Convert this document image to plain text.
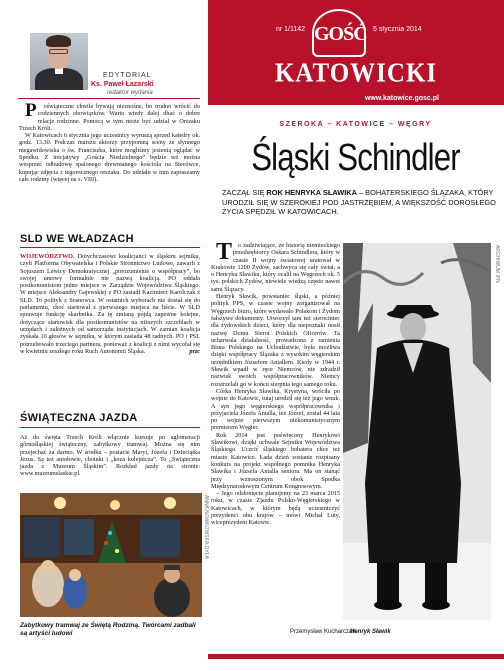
nr 1/1142 GOŚĆ 5 stycznia 2014
KATOWICKI
www.katowice.gosc.pl
EDYTORIAL
Ks. Paweł Łazarski
redaktor wydania

P oświąteczne chwile bywają nieznośne, bo trudno wrócić do codziennych obowiązków. Warto wtedy dalej dbać o dobre relacje rodzinne. Pomocą w tym może być udział w Orszaku Trzech Króli.

W Katowicach 6 stycznia jego uczestnicy wyruszą sprzed katedry ok. godz. 13.30. Podczas marszu aktorzy przypomną sceny ze słynnego megawidowiska o św. Franciszku, które mogliśmy jesienią oglądać w Spodku. Z inicjatywy „Gościa Niedzielnego” będzie też można wesprzeć odbudowę spalonego drewnianego kościoła na Stecówce, kupując zdjęcia z tegorocznego orszaku. Do udziału w nim zapraszamy całe rodziny (więcej na s. VIII).

SLD WE WŁADZACH
WOJEWÓDZTWO. Dotychczasowi koalicjanci w śląskim sejmiku, czyli Platforma Obywatelska i Polskie Stronnictwo Ludowe, zawarli z Sojuszem Lewicy Demokratycznej „porozumienie o współpracy”, bo swojej umowy formalnie nie nazwą koalicją. PO oddała postkomunistom jedno miejsce w Zarządzie Województwa Śląskiego. W miejsce Aleksandry Gajewskiej z PO zasiadł Kazimierz Karolczak z SLD. To polityk z Sosnowca. W ostatnich wyborach nie dostał się do parlamentu, choć startował z pierwszego miejsca na liście. W SLD sprawuje funkcję skarbnika. Za tę zmianą pójdą zapewne kolejne, dotyczące stanowisk dla postkomunistów na niższych szczeblach w urzędach i zależnych od samorządu instytucjach. W zamian koalicja zyskała 10 głosów w sejmiku, w którym zasiada 48 radnych. PO i PSL potrzebowało trzeciego partnera, ponieważ z koalicji z nimi wycofał się w kwietniu zeszłego roku Ruch Autonomii Śląska.	przc
ŚWIĄTECZNA JAZDA
Aż do święta Trzech Króli włącznie kursuje po aglomeracji górnośląskiej świąteczny, zabytkowy tramwaj. Można się nim przejechać za darmo. W środku – postacie Maryi, Józefa i Dzieciątka Jezus. Są też aniołowie, choinki i „koza kolejnicza”. To „Świąteczna jazda z Muzeum Śląskim”. Rozkład jazdy na stronie: www.muzeumslaskie.pl.
ANNA NOWKOWSKA-DYLA
Zabytkowy tramwaj ze Świętą Rodziną. Twórcami zadbali są artyści ludowi
SZEROKA – KATOWICE – WĘGRY
Śląski Schindler
ZACZĄŁ SIĘ ROK HENRYKA SŁAWIKA – BOHATERSKIEGO ŚLĄZAKA, KTÓRY URODZIŁ SIĘ W SZEROKIEJ POD JASTRZĘBIEM, A WIĘKSZOŚĆ DOROSŁEGO ŻYCIA SPĘDZIŁ W KATOWICACH.

To zadziwiające, że historią niemieckiego przedsiębiorcy Oskara Schindlera, który w czasie II wojny światowej uratował w Krakowie 1200 Żydów, zachwyca się cały świat, a o Henryku Sławiku, który ocalił na Węgrzech ok. 5 tys. polskich Żydów, niewiele wiedzą często nawet sami Ślązacy.

Henryk Sławik, powstaniec śląski, a później polityk PPS, w czasie wojny zorganizował na Węgrzech biuro, które wydawało Polakom i Żydom fałszywe dokumenty. Utworzył tam też sierociniec dla żydowskich dzieci, który dla niepoznaki nosił nazwę Domu Sierot Polskich Oficerów. Ta ucharwala działalność, prowadzona z ramienia Biura Polskiego na Uchodźstwie, była możliwa dzięki współpracy Ślązaka z wysokim węgierskim urzędnikiem Józsefem Antallem. Kiedy w 1944 r. Sławik wpadł w ręce Niemców, nie zdradził nazwisk swoich współpracowników. Niemcy rozstrzelali go w końcu sierpnia tego samego roku.

Córka Henryka Sławika, Krystyna, wróciła po wojnie do Katowic, tutaj urodził się też jego wnuk. A syn jego węgierskiego współpracownika i przyjaciela Józefa Antalla, też József, został 44 lata po wojnie pierwszym niekomunistycznym premierem Węgier.

Rok 2014 jest poświęcony Henrykowi Sławikowi, dzięki uchwale Sejmiku Województwa Śląskiego. Uczcić śląskiego bohatera chce też miasto Katowice. Łada dzień zostanie rozpisany konkurs na projekt wspólnego pomnika Henryka Sławika i Józsefa Antalla seniora. Ma on stanąć przy wznoszonym obok Spodka Międzynarodowym Centrum Kongresowym.

– Jego odsłonięcie planujemy na 23 marca 2015 roku, w czasie Zjazdu Polsko-Węgierskiego w Katowicach, w którym będą uczestniczyć prezydenci obu krajów – mówi Michał Luty, wiceprezydent Katowic.

ARCHIWUM IPN
Przemysław Kucharczak
Henryk Sławik
